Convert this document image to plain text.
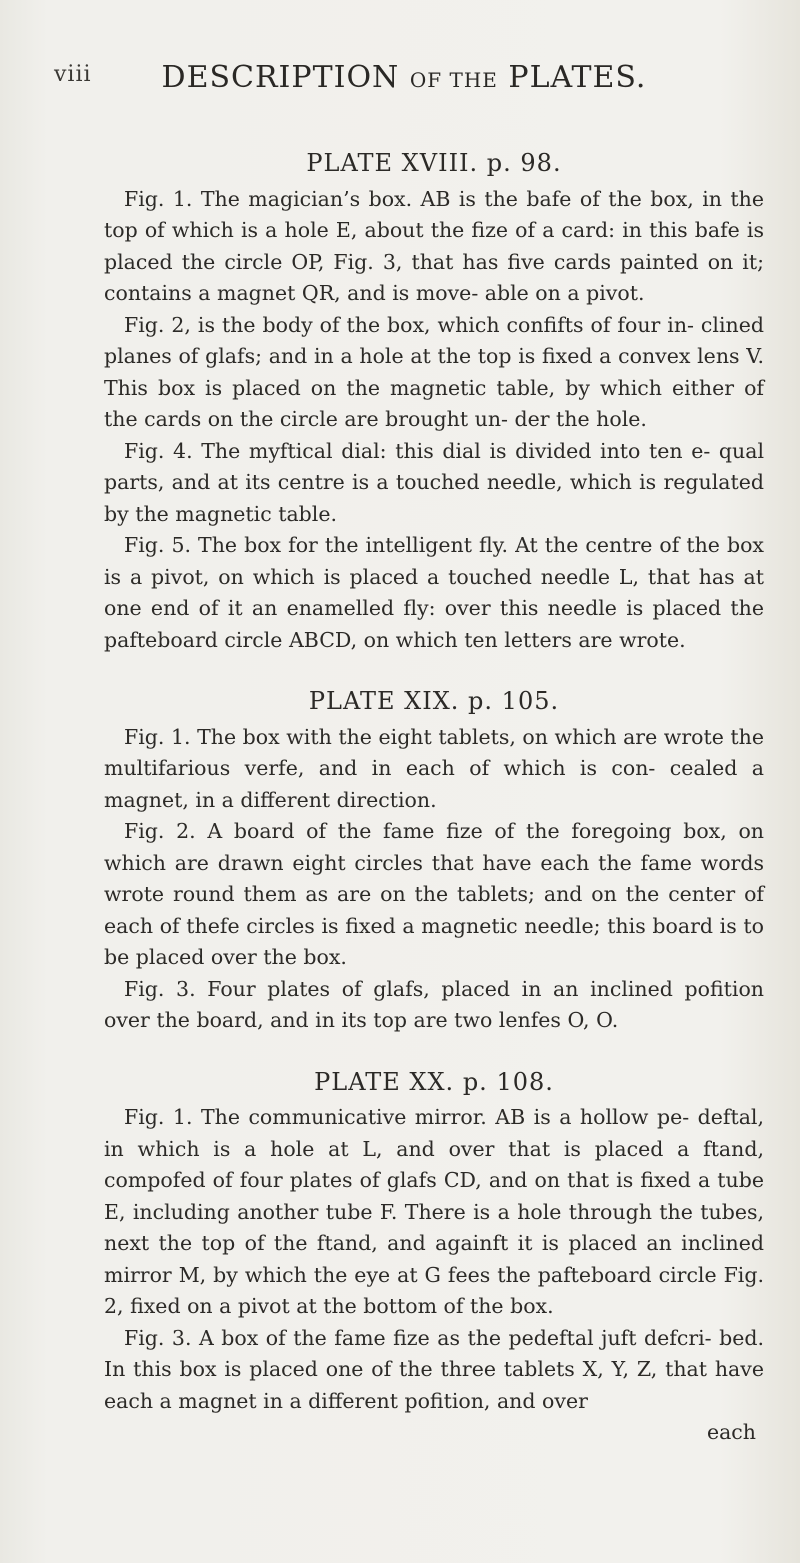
viii	DESCRIPTION OF THE PLATES.
PLATE XVIII. p. 98.

Fig. 1. The magician’s box. AB is the bafe of the box, in the top of which is a hole E, about the fize of a card: in this bafe is placed the circle OP, Fig. 3, that has five cards painted on it; contains a magnet QR, and is move- able on a pivot.

Fig. 2, is the body of the box, which confifts of four in- clined planes of glafs; and in a hole at the top is fixed a convex lens V. This box is placed on the magnetic table, by which either of the cards on the circle are brought un- der the hole.

Fig. 4. The myftical dial: this dial is divided into ten e- qual parts, and at its centre is a touched needle, which is regulated by the magnetic table.

Fig. 5. The box for the intelligent fly. At the centre of the box is a pivot, on which is placed a touched needle L, that has at one end of it an enamelled fly: over this needle is placed the pafteboard circle ABCD, on which ten letters are wrote.

PLATE XIX. p. 105.

Fig. 1. The box with the eight tablets, on which are wrote the multifarious verfe, and in each of which is con- cealed a magnet, in a different direction.

Fig. 2. A board of the fame fize of the foregoing box, on which are drawn eight circles that have each the fame words wrote round them as are on the tablets; and on the center of each of thefe circles is fixed a magnetic needle; this board is to be placed over the box.

Fig. 3. Four plates of glafs, placed in an inclined pofition over the board, and in its top are two lenfes O, O.

PLATE XX. p. 108.

Fig. 1. The communicative mirror. AB is a hollow pe- deftal, in which is a hole at L, and over that is placed a ftand, compofed of four plates of glafs CD, and on that is fixed a tube E, including another tube F. There is a hole through the tubes, next the top of the ftand, and againft it is placed an inclined mirror M, by which the eye at G fees the pafteboard circle Fig. 2, fixed on a pivot at the bottom of the box.

Fig. 3. A box of the fame fize as the pedeftal juft defcri- bed. In this box is placed one of the three tablets X, Y, Z, that have each a magnet in a different pofition, and over

each
